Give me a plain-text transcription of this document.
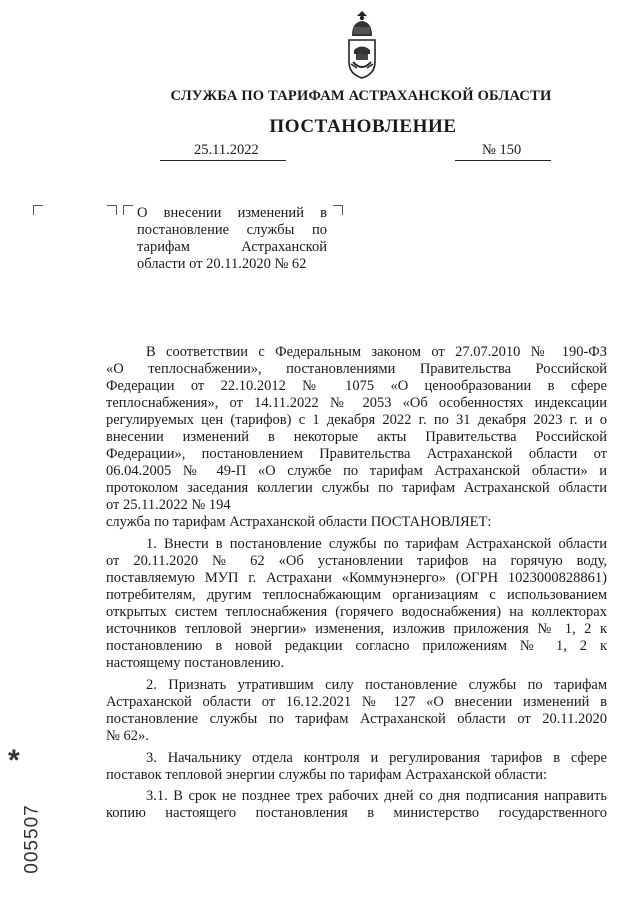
СЛУЖБА ПО ТАРИФАМ АСТРАХАНСКОЙ ОБЛАСТИ
ПОСТАНОВЛЕНИЕ
25.11.2022	№ 150
О внесении изменений в
постановление службы по
тарифам Астраханской
области от 20.11.2020 № 62
В соответствии с Федеральным законом от 27.07.2010 № 190-ФЗ
«О теплоснабжении», постановлениями Правительства Российской
Федерации от 22.10.2012 № 1075 «О ценообразовании в сфере
теплоснабжения», от 14.11.2022 № 2053 «Об особенностях индексации
регулируемых цен (тарифов) с 1 декабря 2022 г. по 31 декабря 2023 г. и о
внесении изменений в некоторые акты Правительства Российской
Федерации», постановлением Правительства Астраханской области от
06.04.2005 № 49-П «О службе по тарифам Астраханской области» и
протоколом заседания коллегии службы по тарифам Астраханской области
от 25.11.2022 № 194
служба по тарифам Астраханской области ПОСТАНОВЛЯЕТ:
1. Внести в постановление службы по тарифам Астраханской области
от 20.11.2020 № 62 «Об установлении тарифов на горячую воду,
поставляемую МУП г. Астрахани «Коммунэнерго» (ОГРН 1023000828861)
потребителям, другим теплоснабжающим организациям с использованием
открытых систем теплоснабжения (горячего водоснабжения) на коллекторах
источников тепловой энергии» изменения, изложив приложения № 1, 2 к
постановлению в новой редакции согласно приложениям № 1, 2 к
настоящему постановлению.
2. Признать утратившим силу постановление службы по тарифам
Астраханской области от 16.12.2021 № 127 «О внесении изменений в
постановление службы по тарифам Астраханской области от 20.11.2020
№ 62».
3. Начальнику отдела контроля и регулирования тарифов в сфере
поставок тепловой энергии службы по тарифам Астраханской области:
3.1. В срок не позднее трех рабочих дней со дня подписания направить
копию настоящего постановления в министерство государственного
*
005507
